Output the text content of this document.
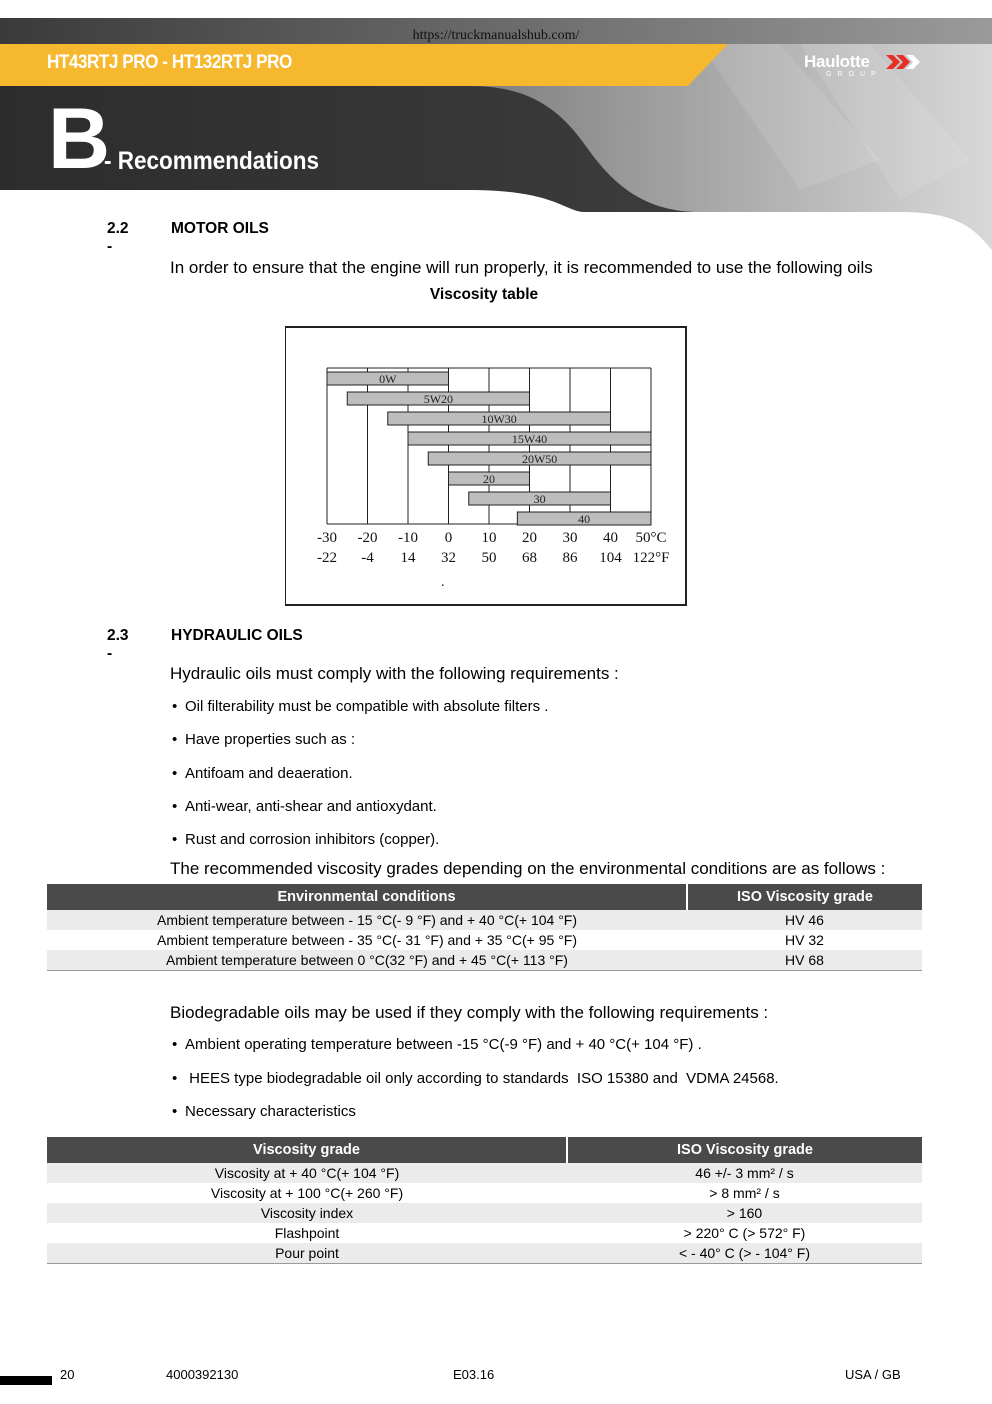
https://truckmanualshub.com/
HT43RTJ PRO - HT132RTJ PRO	Haulotte
GROUP
B
- Recommendations
2.2 -
MOTOR OILS
In order to ensure that the engine will run properly, it is recommended to use the following oils
Viscosity table
0W
5W20
10W30
15W40
20W50
20
30
40
-30 -20 -10 0 10 20 30 40 50°C
-22 -4 14 32 50 68 86 104 122°F
.
2.3 -
HYDRAULIC OILS
Hydraulic oils must comply with the following requirements :
• Oil filterability must be compatible with absolute filters .
• Have properties such as :
• Antifoam and deaeration.
• Anti-wear, anti-shear and antioxydant.
• Rust and corrosion inhibitors (copper).
The recommended viscosity grades depending on the environmental conditions are as follows :
Environmental conditions	ISO Viscosity grade
Ambient temperature between - 15 °C(- 9 °F) and + 40 °C(+ 104 °F)	HV 46
Ambient temperature between - 35 °C(- 31 °F) and + 35 °C(+ 95 °F)	HV 32
Ambient temperature between 0 °C(32 °F) and + 45 °C(+ 113 °F)	HV 68
Biodegradable oils may be used if they comply with the following requirements :
• Ambient operating temperature between -15 °C(-9 °F) and + 40 °C(+ 104 °F) .
• HEES type biodegradable oil only according to standards  ISO 15380 and  VDMA 24568.
• Necessary characteristics
Viscosity grade	ISO Viscosity grade
Viscosity at + 40 °C(+ 104 °F)	46 +/- 3 mm² / s
Viscosity at + 100 °C(+ 260 °F)	> 8 mm² / s
Viscosity index	> 160
Flashpoint	> 220° C (> 572° F)
Pour point	< - 40° C (> - 104° F)
20	4000392130	E03.16	USA / GB
